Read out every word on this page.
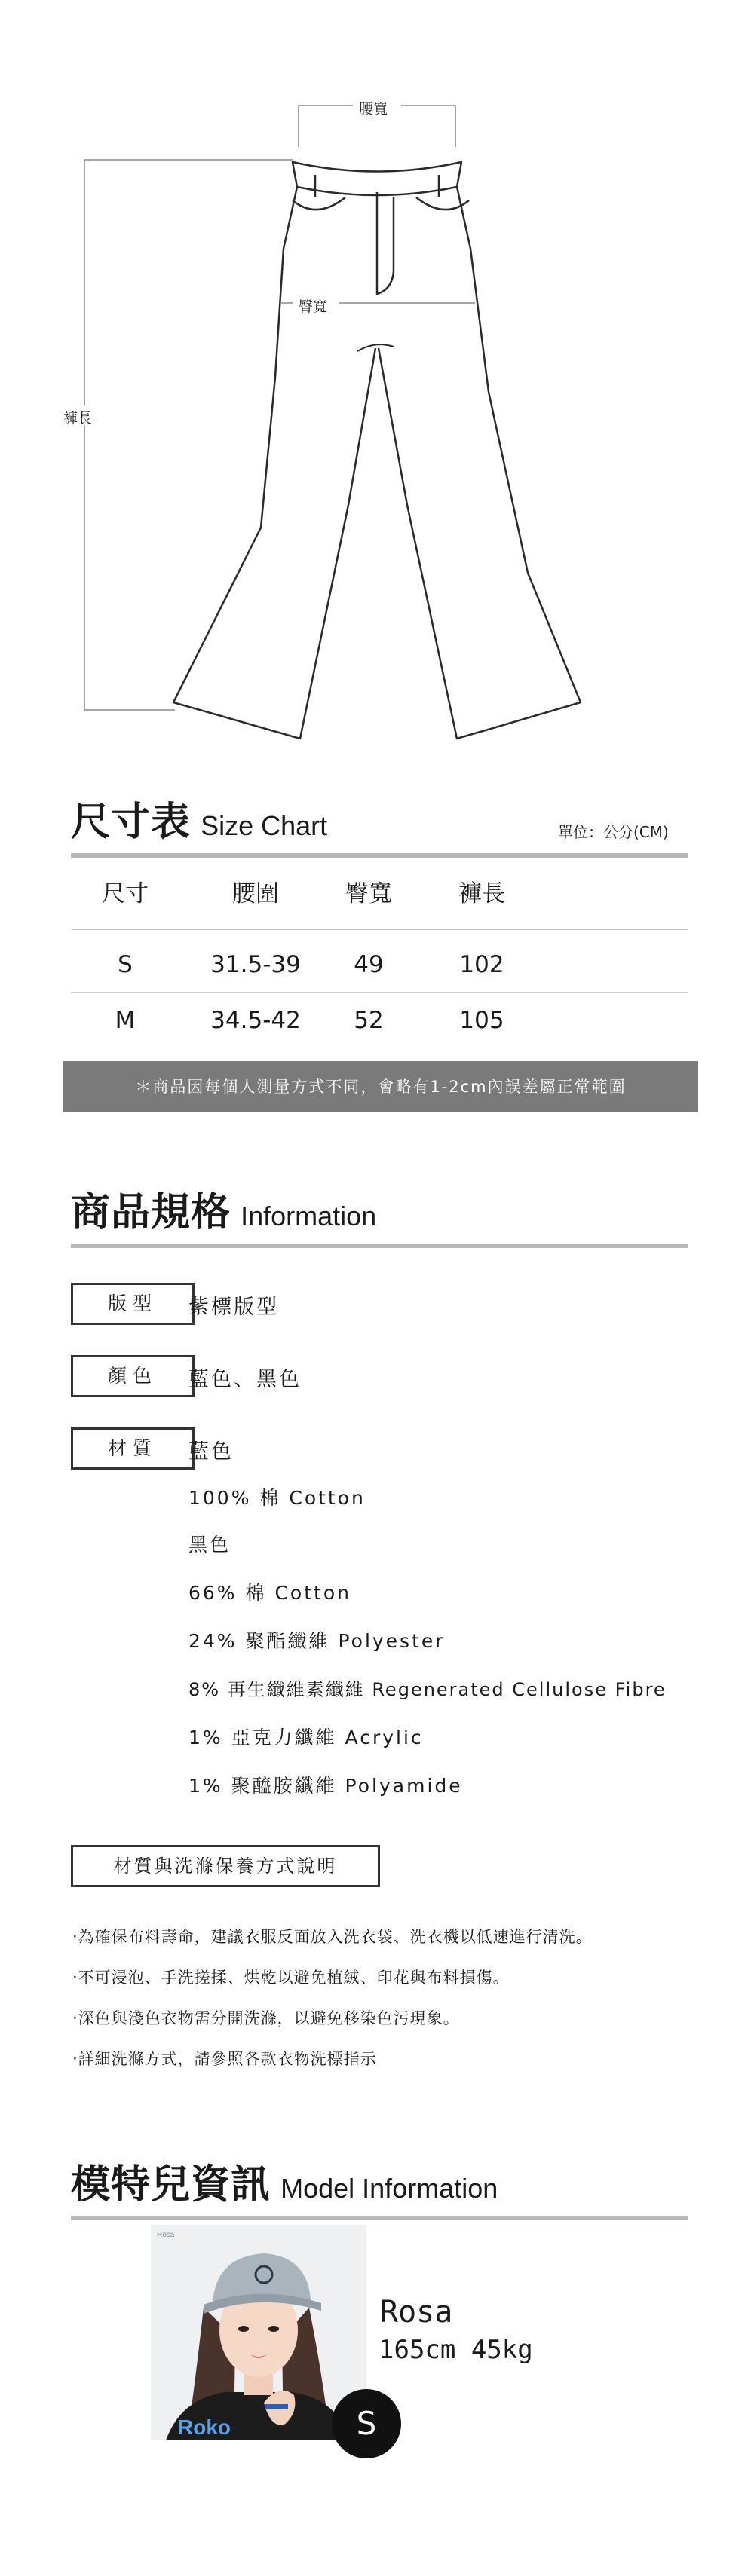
腰寬
臀寬
褲長
尺寸表 Size Chart	單位：公分(CM)
尺寸	腰圍	臀寬	褲長
S	31.5-39	49	102
M	34.5-42	52	105
＊商品因每個人測量方式不同，會略有1-2cm內誤差屬正常範圍
商品規格 Information
版型	紫標版型
顏色	藍色、黑色
材質	藍色
100% 棉 Cotton
黑色
66% 棉 Cotton
24% 聚酯纖維 Polyester
8% 再生纖維素纖維 Regenerated Cellulose Fibre
1% 亞克力纖維 Acrylic
1% 聚醯胺纖維 Polyamide
材質與洗滌保養方式說明
‧為確保布料壽命，建議衣服反面放入洗衣袋、洗衣機以低速進行清洗。
‧不可浸泡、手洗搓揉、烘乾以避免植絨、印花與布料損傷。
‧深色與淺色衣物需分開洗滌，以避免移染色污現象。
‧詳細洗滌方式，請參照各款衣物洗標指示
模特兒資訊 Model Information
Roko
Rosa
Rosa
165cm 45kg
S
